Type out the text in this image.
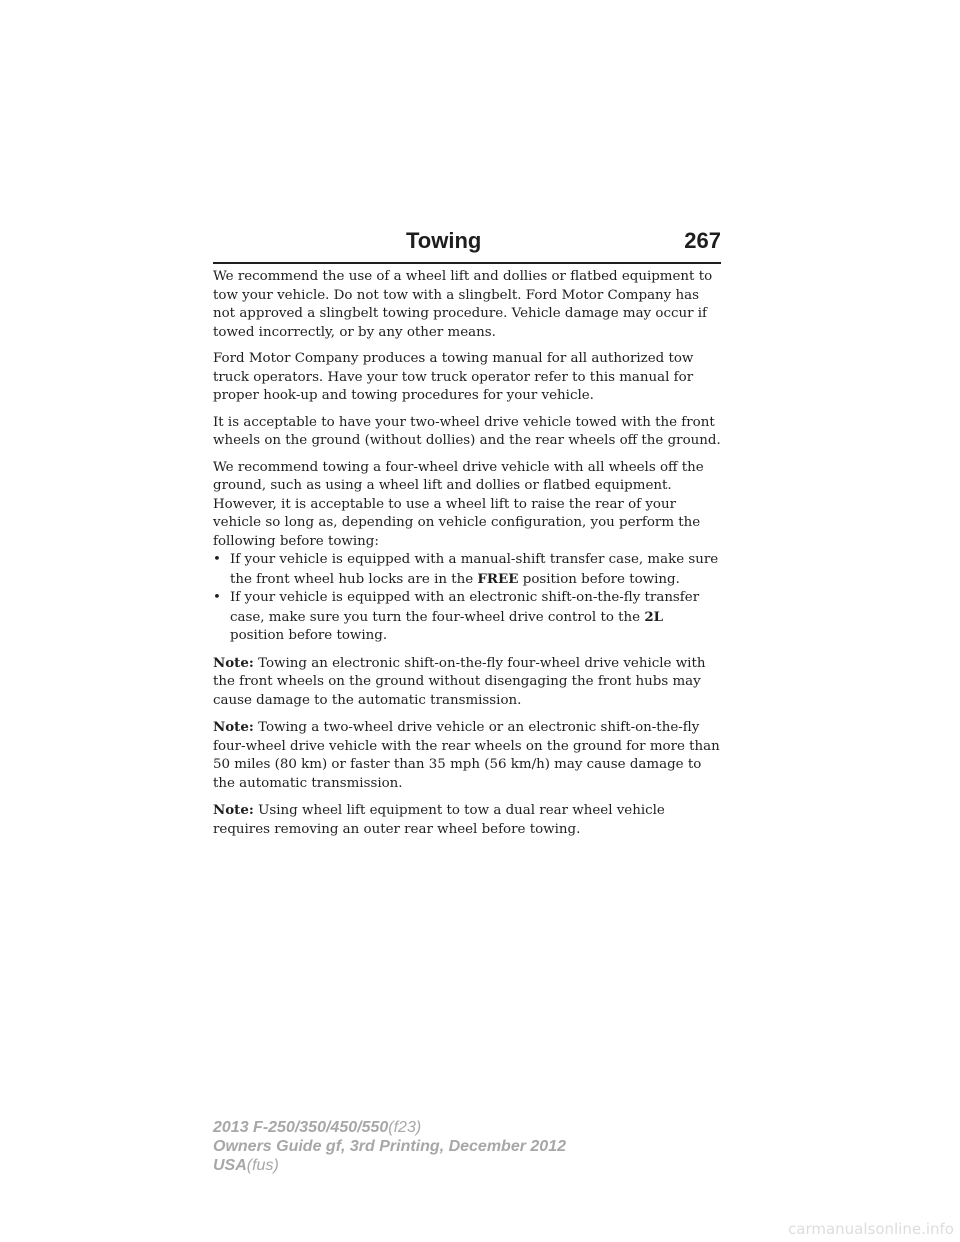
Towing	267

We recommend the use of a wheel lift and dollies or flatbed equipment to tow your vehicle. Do not tow with a slingbelt. Ford Motor Company has not approved a slingbelt towing procedure. Vehicle damage may occur if towed incorrectly, or by any other means.

Ford Motor Company produces a towing manual for all authorized tow truck operators. Have your tow truck operator refer to this manual for proper hook-up and towing procedures for your vehicle.

It is acceptable to have your two-wheel drive vehicle towed with the front wheels on the ground (without dollies) and the rear wheels off the ground.

We recommend towing a four-wheel drive vehicle with all wheels off the ground, such as using a wheel lift and dollies or flatbed equipment. However, it is acceptable to use a wheel lift to raise the rear of your vehicle so long as, depending on vehicle configuration, you perform the following before towing:

• If your vehicle is equipped with a manual-shift transfer case, make sure the front wheel hub locks are in the FREE position before towing.
• If your vehicle is equipped with an electronic shift-on-the-fly transfer case, make sure you turn the four-wheel drive control to the 2L position before towing.

Note: Towing an electronic shift-on-the-fly four-wheel drive vehicle with the front wheels on the ground without disengaging the front hubs may cause damage to the automatic transmission.

Note: Towing a two-wheel drive vehicle or an electronic shift-on-the-fly four-wheel drive vehicle with the rear wheels on the ground for more than 50 miles (80 km) or faster than 35 mph (56 km/h) may cause damage to the automatic transmission.

Note: Using wheel lift equipment to tow a dual rear wheel vehicle requires removing an outer rear wheel before towing.

2013 F-250/350/450/550(f23)
Owners Guide gf, 3rd Printing, December 2012
USA(fus)
carmanualsonline.info
